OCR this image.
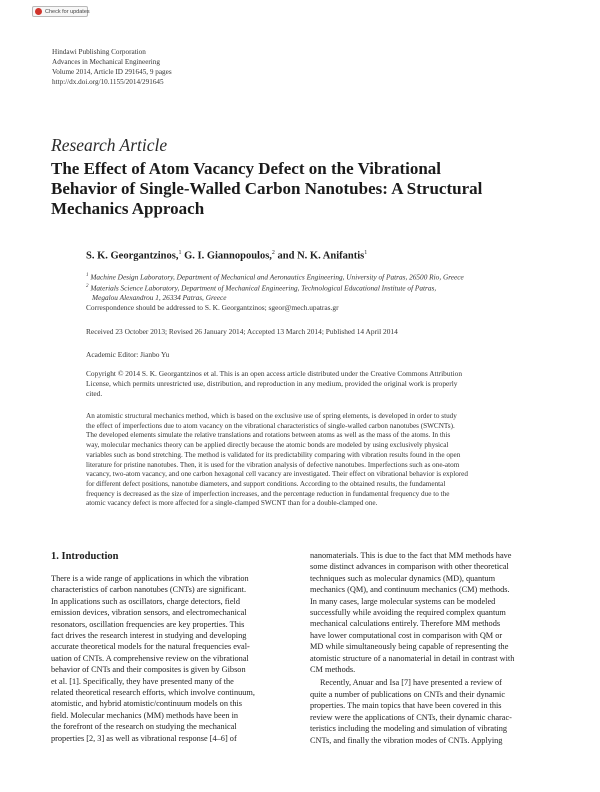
Check for updates
Hindawi Publishing Corporation
Advances in Mechanical Engineering
Volume 2014, Article ID 291645, 9 pages
http://dx.doi.org/10.1155/2014/291645
Research Article
The Effect of Atom Vacancy Defect on the Vibrational
Behavior of Single-Walled Carbon Nanotubes: A Structural
Mechanics Approach
S. K. Georgantzinos,$^1$ G. I. Giannopoulos,$^2$ and N. K. Anifantis$^1$
$^1$ Machine Design Laboratory, Department of Mechanical and Aeronautics Engineering, University of Patras, 26500 Rio, Greece
$^2$ Materials Science Laboratory, Department of Mechanical Engineering, Technological Educational Institute of Patras,
Megalou Alexandrou 1, 26334 Patras, Greece
Correspondence should be addressed to S. K. Georgantzinos; sgeor@mech.upatras.gr
Received 23 October 2013; Revised 26 January 2014; Accepted 13 March 2014; Published 14 April 2014
Academic Editor: Jianbo Yu
Copyright © 2014 S. K. Georgantzinos et al. This is an open access article distributed under the Creative Commons Attribution
License, which permits unrestricted use, distribution, and reproduction in any medium, provided the original work is properly
cited.
An atomistic structural mechanics method, which is based on the exclusive use of spring elements, is developed in order to study
the effect of imperfections due to atom vacancy on the vibrational characteristics of single-walled carbon nanotubes (SWCNTs).
The developed elements simulate the relative translations and rotations between atoms as well as the mass of the atoms. In this
way, molecular mechanics theory can be applied directly because the atomic bonds are modeled by using exclusively physical
variables such as bond stretching. The method is validated for its predictability comparing with vibration results found in the open
literature for pristine nanotubes. Then, it is used for the vibration analysis of defective nanotubes. Imperfections such as one-atom
vacancy, two-atom vacancy, and one carbon hexagonal cell vacancy are investigated. Their effect on vibrational behavior is explored
for different defect positions, nanotube diameters, and support conditions. According to the obtained results, the fundamental
frequency is decreased as the size of imperfection increases, and the percentage reduction in fundamental frequency due to the
atomic vacancy defect is more affected for a single-clamped SWCNT than for a double-clamped one.
1. Introduction
There is a wide range of applications in which the vibration
characteristics of carbon nanotubes (CNTs) are significant.
In applications such as oscillators, charge detectors, field
emission devices, vibration sensors, and electromechanical
resonators, oscillation frequencies are key properties. This
fact drives the research interest in studying and developing
accurate theoretical models for the natural frequencies eval-
uation of CNTs. A comprehensive review on the vibrational
behavior of CNTs and their composites is given by Gibson
et al. [1]. Specifically, they have presented many of the
related theoretical research efforts, which involve continuum,
atomistic, and hybrid atomistic/continuum models on this
field. Molecular mechanics (MM) methods have been in
the forefront of the research on studying the mechanical
properties [2, 3] as well as vibrational response [4–6] of
nanomaterials. This is due to the fact that MM methods have
some distinct advances in comparison with other theoretical
techniques such as molecular dynamics (MD), quantum
mechanics (QM), and continuum mechanics (CM) methods.
In many cases, large molecular systems can be modeled
successfully while avoiding the required complex quantum
mechanical calculations entirely. Therefore MM methods
have lower computational cost in comparison with QM or
MD while simultaneously being capable of representing the
atomistic structure of a nanomaterial in detail in contrast with
CM methods.
Recently, Anuar and Isa [7] have presented a review of
quite a number of publications on CNTs and their dynamic
properties. The main topics that have been covered in this
review were the applications of CNTs, their dynamic charac-
teristics including the modeling and simulation of vibrating
CNTs, and finally the vibration modes of CNTs. Applying
